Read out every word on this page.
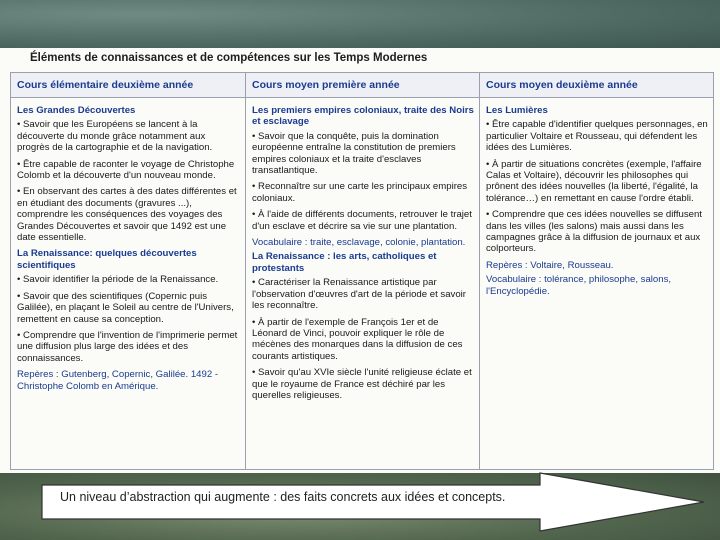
Éléments de connaissances et de compétences sur les Temps Modernes
Cours élémentaire deuxième année
Les Grandes Découvertes
• Savoir que les Européens se lancent à la découverte du monde grâce notamment aux progrès de la cartographie et de la navigation.
• Être capable de raconter le voyage de Christophe Colomb et la découverte d'un nouveau monde.
• En observant des cartes à des dates différentes et en étudiant des documents (gravures ...), comprendre les conséquences des voyages des Grandes Découvertes et savoir que 1492 est une date essentielle.
La Renaissance: quelques découvertes scientifiques
• Savoir identifier la période de la Renaissance.
• Savoir que des scientifiques (Copernic puis Galilée), en plaçant le Soleil au centre de l'Univers, remettent en cause sa conception.
• Comprendre que l'invention de l'imprimerie permet une diffusion plus large des idées et des connaissances.
Repères : Gutenberg, Copernic, Galilée. 1492 - Christophe Colomb en Amérique.
Cours moyen première année
Les premiers empires coloniaux, traite des Noirs et esclavage
• Savoir que la conquête, puis la domination européenne entraîne la constitution de premiers empires coloniaux et la traite d'esclaves transatlantique.
• Reconnaître sur une carte les principaux empires coloniaux.
• À l'aide de différents documents, retrouver le trajet d'un esclave et décrire sa vie sur une plantation.
Vocabulaire : traite, esclavage, colonie, plantation.
La Renaissance : les arts, catholiques et protestants
• Caractériser la Renaissance artistique par l'observation d'œuvres d'art de la période et savoir les reconnaître.
• À partir de l'exemple de François 1er et de Léonard de Vinci, pouvoir expliquer le rôle de mécènes des monarques dans la diffusion de ces courants artistiques.
• Savoir qu'au XVIe siècle l'unité religieuse éclate et que le royaume de France est déchiré par les querelles religieuses.
Cours moyen deuxième année
Les Lumières
• Être capable d'identifier quelques personnages, en particulier Voltaire et Rousseau, qui défendent les idées des Lumières.
• À partir de situations concrètes (exemple, l'affaire Calas et Voltaire), découvrir les philosophes qui prônent des idées nouvelles (la liberté, l'égalité, la tolérance…) en remettant en cause l'ordre établi.
• Comprendre que ces idées nouvelles se diffusent dans les villes (les salons) mais aussi dans les campagnes grâce à la diffusion de journaux et aux colporteurs.
Repères : Voltaire, Rousseau.
Vocabulaire : tolérance, philosophe, salons, l'Encyclopédie.
Un niveau d’abstraction qui augmente : des faits concrets aux idées et concepts.
